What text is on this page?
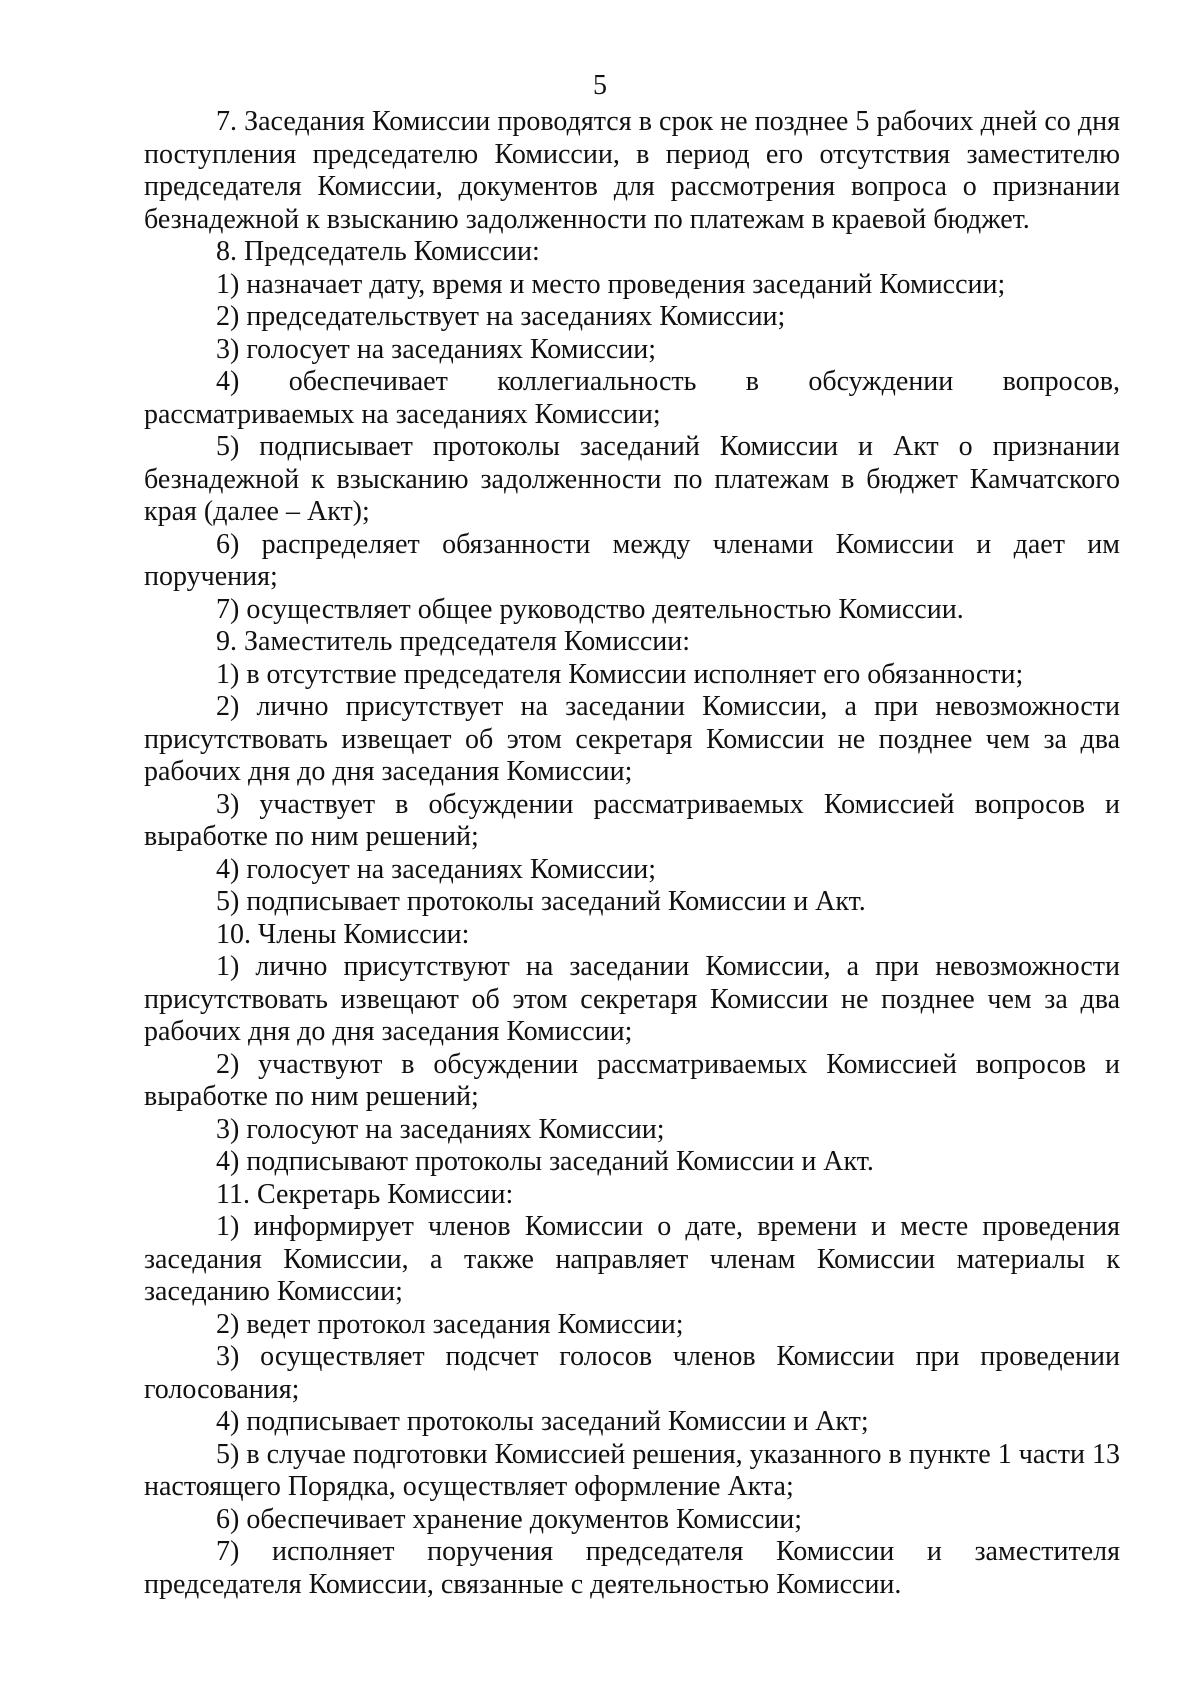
5

7. Заседания Комиссии проводятся в срок не позднее 5 рабочих дней со дня поступления председателю Комиссии, в период его отсутствия заместителю председателя Комиссии, документов для рассмотрения вопроса о признании безнадежной к взысканию задолженности по платежам в краевой бюджет.

8. Председатель Комиссии:

1) назначает дату, время и место проведения заседаний Комиссии;

2) председательствует на заседаниях Комиссии;

3) голосует на заседаниях Комиссии;

4) обеспечивает коллегиальность в обсуждении вопросов, рассматриваемых на заседаниях Комиссии;

5) подписывает протоколы заседаний Комиссии и Акт о признании безнадежной к взысканию задолженности по платежам в бюджет Камчатского края (далее – Акт);

6) распределяет обязанности между членами Комиссии и дает им поручения;

7) осуществляет общее руководство деятельностью Комиссии.

9. Заместитель председателя Комиссии:

1) в отсутствие председателя Комиссии исполняет его обязанности;

2) лично присутствует на заседании Комиссии, а при невозможности присутствовать извещает об этом секретаря Комиссии не позднее чем за два рабочих дня до дня заседания Комиссии;

3) участвует в обсуждении рассматриваемых Комиссией вопросов и выработке по ним решений;

4) голосует на заседаниях Комиссии;

5) подписывает протоколы заседаний Комиссии и Акт.

10. Члены Комиссии:

1) лично присутствуют на заседании Комиссии, а при невозможности присутствовать извещают об этом секретаря Комиссии не позднее чем за два рабочих дня до дня заседания Комиссии;

2) участвуют в обсуждении рассматриваемых Комиссией вопросов и выработке по ним решений;

3) голосуют на заседаниях Комиссии;

4) подписывают протоколы заседаний Комиссии и Акт.

11. Секретарь Комиссии:

1) информирует членов Комиссии о дате, времени и месте проведения заседания Комиссии, а также направляет членам Комиссии материалы к заседанию Комиссии;

2) ведет протокол заседания Комиссии;

3) осуществляет подсчет голосов членов Комиссии при проведении голосования;

4) подписывает протоколы заседаний Комиссии и Акт;

5) в случае подготовки Комиссией решения, указанного в пункте 1 части 13 настоящего Порядка, осуществляет оформление Акта;

6) обеспечивает хранение документов Комиссии;

7) исполняет поручения председателя Комиссии и заместителя председателя Комиссии, связанные с деятельностью Комиссии.
